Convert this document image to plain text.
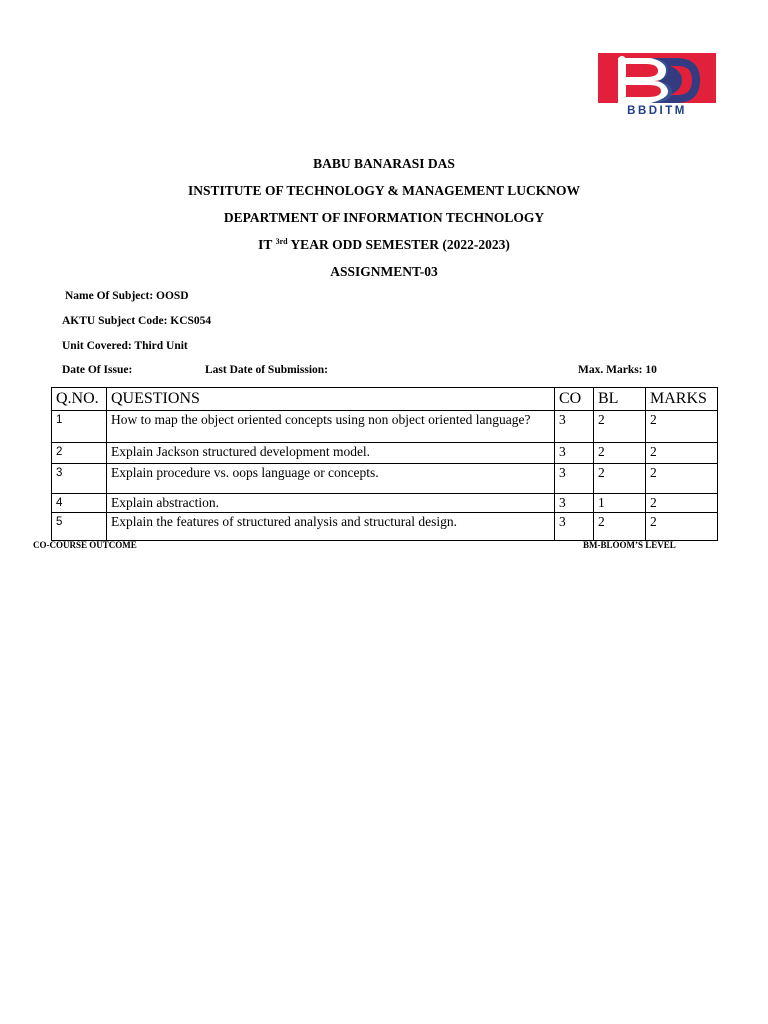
BBDITM
BABU BANARASI DAS
INSTITUTE OF TECHNOLOGY & MANAGEMENT LUCKNOW
DEPARTMENT OF INFORMATION TECHNOLOGY
IT $^{3rd}$ YEAR ODD SEMESTER (2022-2023)
ASSIGNMENT-03
Name Of Subject: OOSD
AKTU Subject Code: KCS054
Unit Covered: Third Unit
Date Of Issue:	Last Date of Submission:	Max. Marks: 10
Q.NO.	QUESTIONS	CO	BL	MARKS
1	How to map the object oriented concepts using non object oriented language?	3	2	2
2	Explain Jackson structured development model.	3	2	2
3	Explain procedure vs. oops language or concepts.	3	2	2
4	Explain abstraction.	3	1	2
5	Explain the features of structured analysis and structural design.	3	2	2
CO-COURSE OUTCOME	BM-BLOOM’S LEVEL
